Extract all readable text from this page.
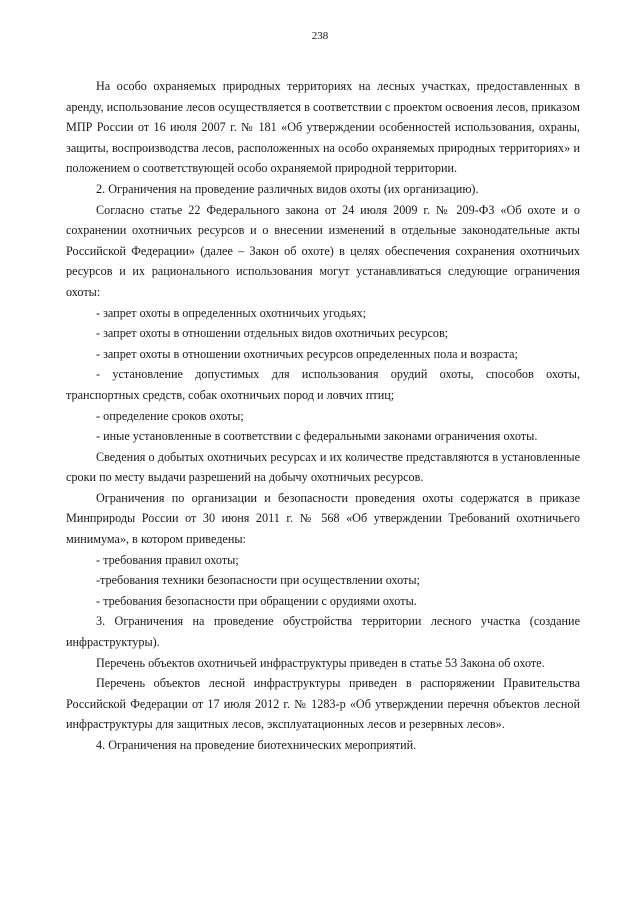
238

На особо охраняемых природных территориях на лесных участках, предоставленных в аренду, использование лесов осуществляется в соответствии с проектом освоения лесов, приказом МПР России от 16 июля 2007 г. № 181 «Об утверждении особенностей использования, охраны, защиты, воспроизводства лесов, расположенных на особо охраняемых природных территориях» и положением о соответствующей особо охраняемой природной территории.

2. Ограничения на проведение различных видов охоты (их организацию).

Согласно статье 22 Федерального закона от 24 июля 2009 г. № 209-ФЗ «Об охоте и о сохранении охотничьих ресурсов и о внесении изменений в отдельные законодательные акты Российской Федерации» (далее – Закон об охоте) в целях обеспечения сохранения охотничьих ресурсов и их рационального использования могут устанавливаться следующие ограничения охоты:

- запрет охоты в определенных охотничьих угодьях;

- запрет охоты в отношении отдельных видов охотничьих ресурсов;

- запрет охоты в отношении охотничьих ресурсов определенных пола и возраста;

- установление допустимых для использования орудий охоты, способов охоты, транспортных средств, собак охотничьих пород и ловчих птиц;

- определение сроков охоты;

- иные установленные в соответствии с федеральными законами ограничения охоты.

Сведения о добытых охотничьих ресурсах и их количестве представляются в установленные сроки по месту выдачи разрешений на добычу охотничьих ресурсов.

Ограничения по организации и безопасности проведения охоты содержатся в приказе Минприроды России от 30 июня 2011 г. № 568 «Об утверждении Требований охотничьего минимума», в котором приведены:

- требования правил охоты;

-требования техники безопасности при осуществлении охоты;

- требования безопасности при обращении с орудиями охоты.

3. Ограничения на проведение обустройства территории лесного участка (создание инфраструктуры).

Перечень объектов охотничьей инфраструктуры приведен в статье 53 Закона об охоте.

Перечень объектов лесной инфраструктуры приведен в распоряжении Правительства Российской Федерации от 17 июля 2012 г. № 1283-р «Об утверждении перечня объектов лесной инфраструктуры для защитных лесов, эксплуатационных лесов и резервных лесов».

4. Ограничения на проведение биотехнических мероприятий.
